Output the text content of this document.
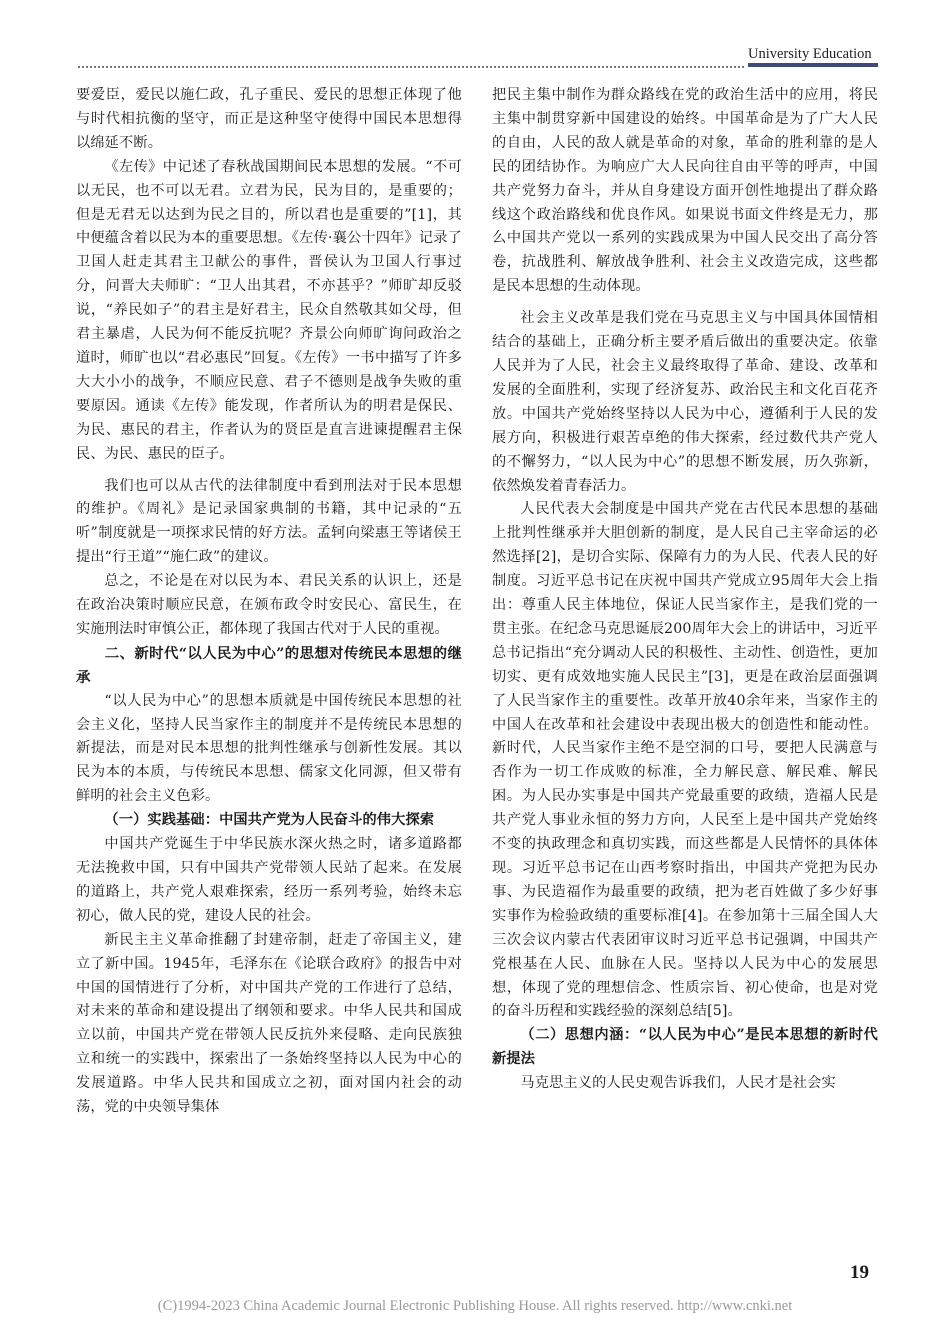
University Education

要爱臣，爱民以施仁政，孔子重民、爱民的思想正体现了他与时代相抗衡的坚守，而正是这种坚守使得中国民本思想得以绵延不断。

《左传》中记述了春秋战国期间民本思想的发展。“不可以无民，也不可以无君。立君为民，民为目的，是重要的；但是无君无以达到为民之目的，所以君也是重要的”[1]，其中便蕴含着以民为本的重要思想。《左传·襄公十四年》记录了卫国人赶走其君主卫献公的事件，晋侯认为卫国人行事过分，问晋大夫师旷：“卫人出其君，不亦甚乎？”师旷却反驳说，“养民如子”的君主是好君主，民众自然敬其如父母，但君主暴虐，人民为何不能反抗呢？齐景公向师旷询问政治之道时，师旷也以“君必惠民”回复。《左传》一书中描写了许多大大小小的战争，不顺应民意、君子不德则是战争失败的重要原因。通读《左传》能发现，作者所认为的明君是保民、为民、惠民的君主，作者认为的贤臣是直言进谏提醒君主保民、为民、惠民的臣子。

我们也可以从古代的法律制度中看到刑法对于民本思想的维护。《周礼》是记录国家典制的书籍，其中记录的“五听”制度就是一项探求民情的好方法。孟轲向梁惠王等诸侯王提出“行王道”“施仁政”的建议。

总之，不论是在对以民为本、君民关系的认识上，还是在政治决策时顺应民意，在颁布政令时安民心、富民生，在实施刑法时审慎公正，都体现了我国古代对于人民的重视。

二、新时代“以人民为中心”的思想对传统民本思想的继承

“以人民为中心”的思想本质就是中国传统民本思想的社会主义化，坚持人民当家作主的制度并不是传统民本思想的新提法，而是对民本思想的批判性继承与创新性发展。其以民为本的本质，与传统民本思想、儒家文化同源，但又带有鲜明的社会主义色彩。

（一）实践基础：中国共产党为人民奋斗的伟大探索

中国共产党诞生于中华民族水深火热之时，诸多道路都无法挽救中国，只有中国共产党带领人民站了起来。在发展的道路上，共产党人艰难探索，经历一系列考验，始终未忘初心，做人民的党，建设人民的社会。

新民主主义革命推翻了封建帝制，赶走了帝国主义，建立了新中国。1945年，毛泽东在《论联合政府》的报告中对中国的国情进行了分析，对中国共产党的工作进行了总结，对未来的革命和建设提出了纲领和要求。中华人民共和国成立以前，中国共产党在带领人民反抗外来侵略、走向民族独立和统一的实践中，探索出了一条始终坚持以人民为中心的发展道路。中华人民共和国成立之初，面对国内社会的动荡，党的中央领导集体

把民主集中制作为群众路线在党的政治生活中的应用，将民主集中制贯穿新中国建设的始终。中国革命是为了广大人民的自由，人民的敌人就是革命的对象，革命的胜利靠的是人民的团结协作。为响应广大人民向往自由平等的呼声，中国共产党努力奋斗，并从自身建设方面开创性地提出了群众路线这个政治路线和优良作风。如果说书面文件终是无力，那么中国共产党以一系列的实践成果为中国人民交出了高分答卷，抗战胜利、解放战争胜利、社会主义改造完成，这些都是民本思想的生动体现。

社会主义改革是我们党在马克思主义与中国具体国情相结合的基础上，正确分析主要矛盾后做出的重要决定。依靠人民并为了人民，社会主义最终取得了革命、建设、改革和发展的全面胜利，实现了经济复苏、政治民主和文化百花齐放。中国共产党始终坚持以人民为中心，遵循利于人民的发展方向，积极进行艰苦卓绝的伟大探索，经过数代共产党人的不懈努力，“以人民为中心”的思想不断发展，历久弥新，依然焕发着青春活力。

人民代表大会制度是中国共产党在古代民本思想的基础上批判性继承并大胆创新的制度，是人民自己主宰命运的必然选择[2]，是切合实际、保障有力的为人民、代表人民的好制度。习近平总书记在庆祝中国共产党成立95周年大会上指出：尊重人民主体地位，保证人民当家作主，是我们党的一贯主张。在纪念马克思诞辰200周年大会上的讲话中，习近平总书记指出“充分调动人民的积极性、主动性、创造性，更加切实、更有成效地实施人民民主”[3]，更是在政治层面强调了人民当家作主的重要性。改革开放40余年来，当家作主的中国人在改革和社会建设中表现出极大的创造性和能动性。新时代，人民当家作主绝不是空洞的口号，要把人民满意与否作为一切工作成败的标准，全力解民意、解民难、解民困。为人民办实事是中国共产党最重要的政绩，造福人民是共产党人事业永恒的努力方向，人民至上是中国共产党始终不变的执政理念和真切实践，而这些都是人民情怀的具体体现。习近平总书记在山西考察时指出，中国共产党把为民办事、为民造福作为最重要的政绩，把为老百姓做了多少好事实事作为检验政绩的重要标准[4]。在参加第十三届全国人大三次会议内蒙古代表团审议时习近平总书记强调，中国共产党根基在人民、血脉在人民。坚持以人民为中心的发展思想，体现了党的理想信念、性质宗旨、初心使命，也是对党的奋斗历程和实践经验的深刻总结[5]。

（二）思想内涵：“以人民为中心”是民本思想的新时代新提法

马克思主义的人民史观告诉我们，人民才是社会实

19
(C)1994-2023 China Academic Journal Electronic Publishing House. All rights reserved. http://www.cnki.net
